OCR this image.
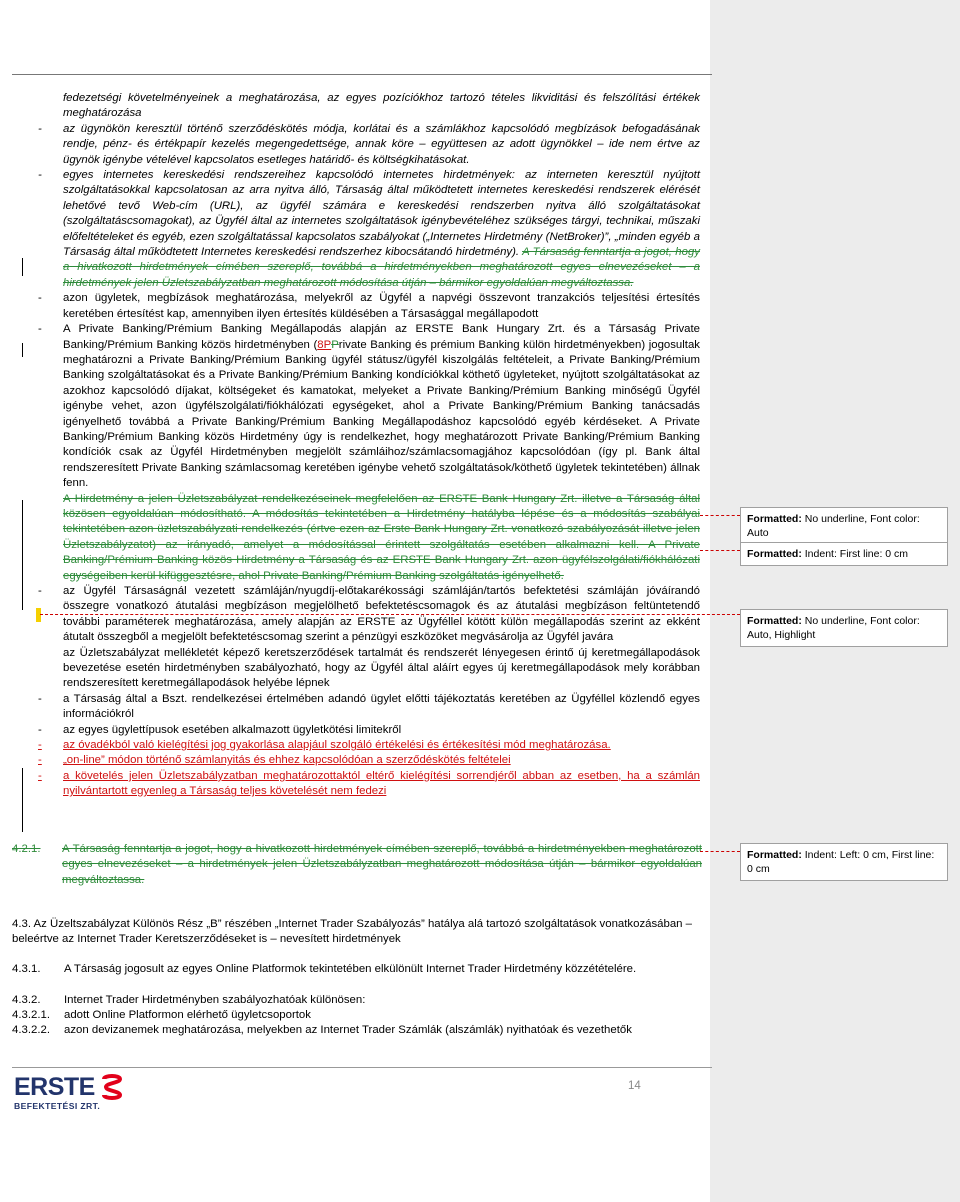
fedezetségi követelményeinek a meghatározása, az egyes pozíciókhoz tartozó tételes likviditási és felszólítási értékek meghatározása

- az ügynökön keresztül történő szerződéskötés módja, korlátai és a számlákhoz kapcsolódó megbízások befogadásának rendje, pénz- és értékpapír kezelés megengedettsége, annak köre – együttesen az adott ügynökkel – ide nem értve az ügynök igénybe vételével kapcsolatos esetleges határidő- és költségkihatásokat.

- egyes internetes kereskedési rendszereihez kapcsolódó internetes hirdetmények: az interneten keresztül nyújtott szolgáltatásokkal kapcsolatosan az arra nyitva álló, Társaság által működtetett internetes kereskedési rendszerek elérését lehetővé tevő Web-cím (URL), az ügyfél számára e kereskedési rendszerben nyitva álló szolgáltatásokat (szolgáltatáscsomagokat), az Ügyfél által az internetes szolgáltatások igénybevételéhez szükséges tárgyi, technikai, műszaki előfeltételeket és egyéb, ezen szolgáltatással kapcsolatos szabályokat („Internetes Hirdetmény (NetBroker)”, „minden egyéb a Társaság által működtetett Internetes kereskedési rendszerhez kibocsátandó hirdetmény). A Társaság fenntartja a jogot, hogy a hivatkozott hirdetmények címében szereplő, továbbá a hirdetményekben meghatározott egyes elnevezéseket – a hirdetmények jelen Üzletszabályzatban meghatározott módosítása útján – bármikor egyoldalúan megváltoztassa.

- azon ügyletek, megbízások meghatározása, melyekről az Ügyfél a napvégi összevont tranzakciós teljesítési értesítés keretében értesítést kap, amennyiben ilyen értesítés küldésében a Társasággal megállapodott

- A Private Banking/Prémium Banking Megállapodás alapján az ERSTE Bank Hungary Zrt. és a Társaság Private Banking/Prémium Banking közös hirdetményben (8PPrivate Banking és prémium Banking külön hirdetményekben) jogosultak meghatározni a Private Banking/Prémium Banking ügyfél státusz/ügyfél kiszolgálás feltételeit, a Private Banking/Prémium Banking szolgáltatásokat és a Private Banking/Prémium Banking kondíciókkal köthető ügyleteket, nyújtott szolgáltatásokat az azokhoz kapcsolódó díjakat, költségeket és kamatokat, melyeket a Private Banking/Prémium Banking minőségű Ügyfél igénybe vehet, azon ügyfélszolgálati/fiókhálózati egységeket, ahol a Private Banking/Prémium Banking tanácsadás igényelhető továbbá a Private Banking/Prémium Banking Megállapodáshoz kapcsolódó egyéb kérdéseket. A Private Banking/Prémium Banking közös Hirdetmény úgy is rendelkezhet, hogy meghatározott Private Banking/Prémium Banking kondíciók csak az Ügyfél Hirdetményben megjelölt számláihoz/számlacsomagjához kapcsolódóan (így pl. Bank által rendszeresített Private Banking számlacsomag keretében igénybe vehető szolgáltatások/köthető ügyletek tekintetében) állnak fenn.

A Hirdetmény a jelen Üzletszabályzat rendelkezéseinek megfelelően az ERSTE Bank Hungary Zrt. illetve a Társaság által közösen egyoldalúan módosítható. A módosítás tekintetében a Hirdetmény hatályba lépése és a módosítás szabályai tekintetében azon üzletszabályzati rendelkezés (értve ezen az Erste Bank Hungary Zrt. vonatkozó szabályozását illetve jelen Üzletszabályzatot) az irányadó, amelyet a módosítással érintett szolgáltatás esetében alkalmazni kell. A Private Banking/Prémium Banking közös Hirdetmény a Társaság és az ERSTE Bank Hungary Zrt. azon ügyfélszolgálati/fiókhálózati egységeiben kerül kifüggesztésre, ahol Private Banking/Prémium Banking szolgáltatás igényelhető.

- az Ügyfél Társaságnál vezetett számláján/nyugdíj-előtakarékossági számláján/tartós befektetési számláján jóváírandó összegre vonatkozó átutalási megbízáson megjelölhető befektetéscsomagok és az átutalási megbízáson feltüntetendő további paraméterek meghatározása, amely alapján az ERSTE az Ügyféllel kötött külön megállapodás szerint az ekként átutalt összegből a megjelölt befektetéscsomag szerint a pénzügyi eszközöket megvásárolja az Ügyfél javára

az Üzletszabályzat mellékletét képező keretszerződések tartalmát és rendszerét lényegesen érintő új keretmegállapodások bevezetése esetén hirdetményben szabályozható, hogy az Ügyfél által aláírt egyes új keretmegállapodások mely korábban rendszeresített keretmegállapodások helyébe lépnek

- a Társaság által a Bszt. rendelkezései értelmében adandó ügylet előtti tájékoztatás keretében az Ügyféllel közlendő egyes információkról

- az egyes ügylettípusok esetében alkalmazott ügyletkötési limitekről

- az óvadékból való kielégítési jog gyakorlása alapjául szolgáló értékelési és értékesítési mód meghatározása.

- „on-line” módon történő számlanyitás és ehhez kapcsolódóan a szerződéskötés feltételei

- a követelés jelen Üzletszabályzatban meghatározottaktól eltérő kielégítési sorrendjéről abban az esetben, ha a számlán nyilvántartott egyenleg a Társaság teljes követelését nem fedezi

4.2.1.	A Társaság fenntartja a jogot, hogy a hivatkozott hirdetmények címében szereplő, továbbá a hirdetményekben meghatározott egyes elnevezéseket – a hirdetmények jelen Üzletszabályzatban meghatározott módosítása útján – bármikor egyoldalúan megváltoztassa.
4.3. Az Üzeltszabályzat Különös Rész „B” részében „Internet Trader Szabályozás” hatálya alá tartozó szolgáltatások vonatkozásában – beleértve az Internet Trader Keretszerződéseket is – nevesített hirdetmények
4.3.1.	A Társaság jogosult az egyes Online Platformok tekintetében elkülönült Internet Trader Hirdetmény közzétételére.
4.3.2.	Internet Trader Hirdetményben szabályozhatóak különösen:
4.3.2.1.	adott Online Platformon elérhető ügyletcsoportok
4.3.2.2.	azon devizanemek meghatározása, melyekben az Internet Trader Számlák (alszámlák) nyithatóak és vezethetők
Formatted: No underline, Font color: Auto
Formatted: Indent: First line: 0 cm
Formatted: No underline, Font color: Auto, Highlight
Formatted: Indent: Left: 0 cm, First line: 0 cm
ERSTE
BEFEKTETÉSI ZRT.
14
